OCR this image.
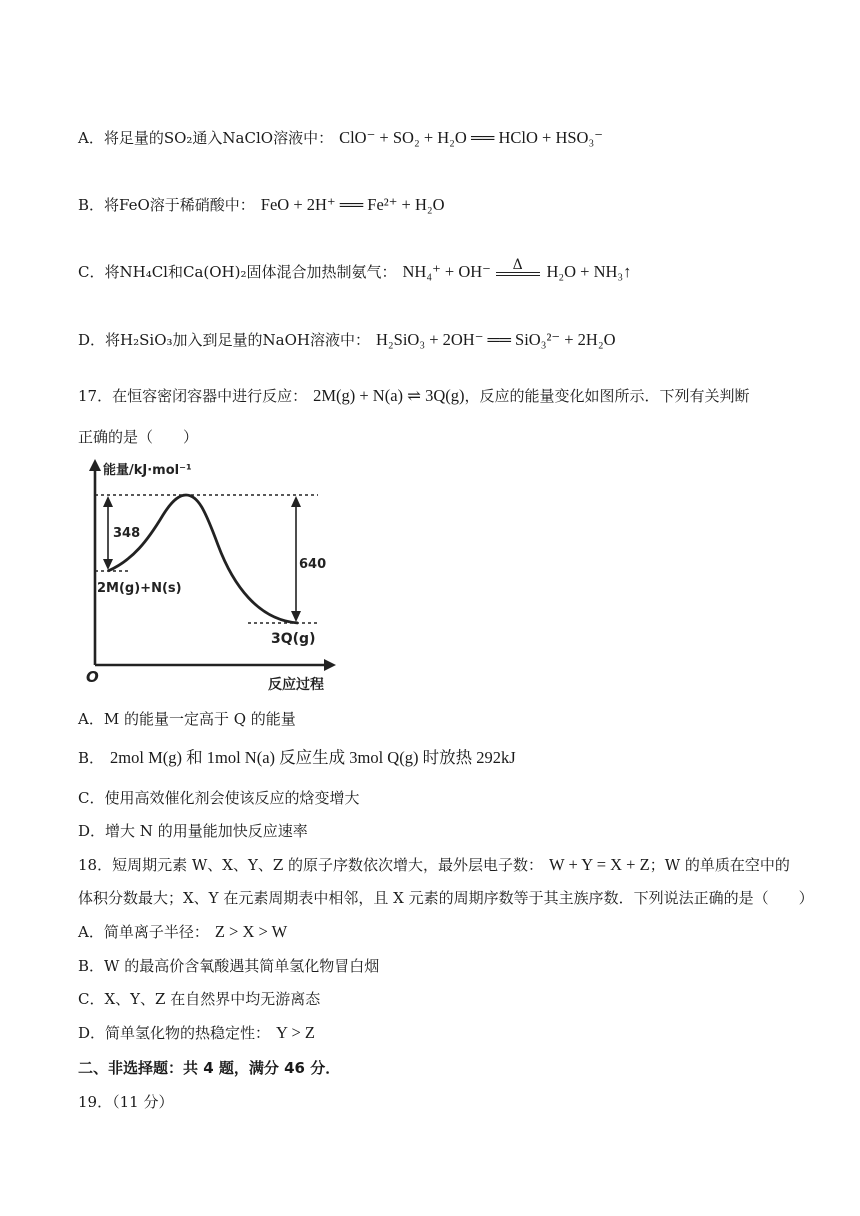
A．将足量的SO₂通入NaClO溶液中： ClO⁻ + SO₂ + H₂O ══ HClO + HSO₃⁻
B．将FeO溶于稀硝酸中： FeO + 2H⁺ ══ Fe²⁺ + H₂O
C．将NH₄Cl和Ca(OH)₂固体混合加热制氨气： NH₄⁺ + OH⁻	Δ	H₂O + NH₃↑
D．将H₂SiO₃加入到足量的NaOH溶液中： H₂SiO₃ + 2OH⁻ ══ SiO₃²⁻ + 2H₂O
17．在恒容密闭容器中进行反应： 2M(g) + N(a) ⇌ 3Q(g)，反应的能量变化如图所示．下列有关判断
正确的是（　　）
能量/kJ·mol⁻¹
反应过程
O
348
640
2M(g)+N(s)
3Q(g)
A．M 的能量一定高于 Q 的能量
B． 2mol M(g) 和 1mol N(a) 反应生成 3mol Q(g) 时放热 292kJ
C．使用高效催化剂会使该反应的焓变增大
D．增大 N 的用量能加快反应速率
18．短周期元素 W、X、Y、Z 的原子序数依次增大，最外层电子数： W + Y = X + Z；W 的单质在空中的
体积分数最大；X、Y 在元素周期表中相邻，且 X 元素的周期序数等于其主族序数．下列说法正确的是（　　）
A．简单离子半径： Z > X > W
B．W 的最高价含氧酸遇其简单氢化物冒白烟
C．X、Y、Z 在自然界中均无游离态
D．简单氢化物的热稳定性： Y > Z
二、非选择题：共 4 题，满分 46 分．
19．（11 分）
